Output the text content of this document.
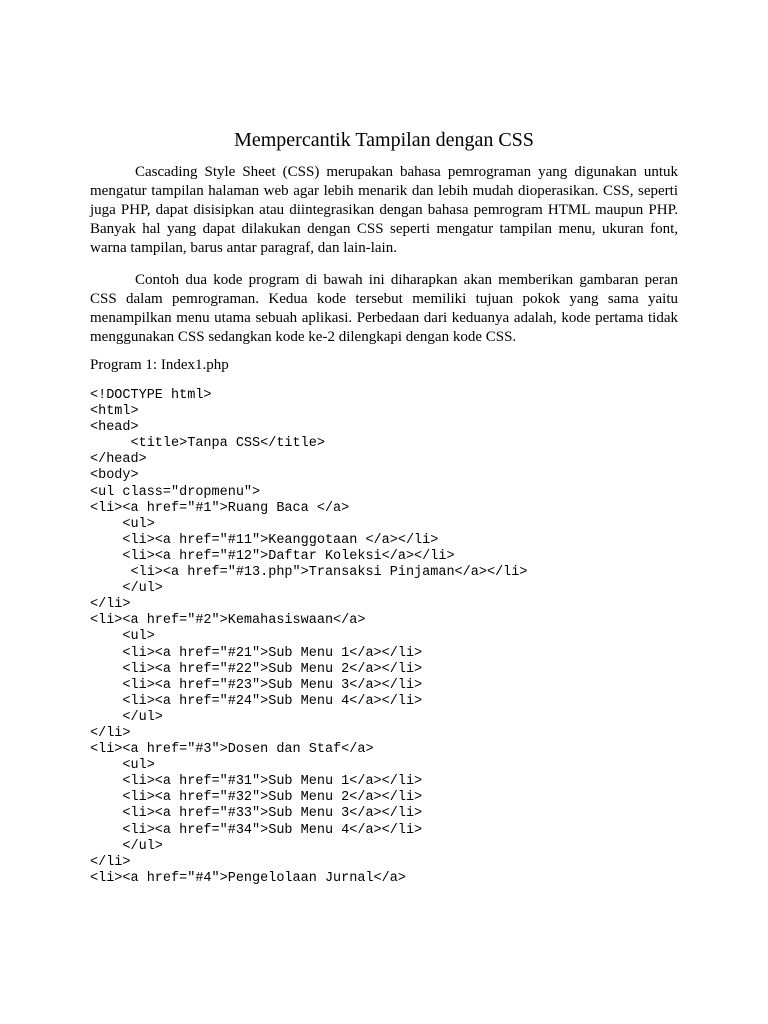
Mempercantik Tampilan dengan CSS

Cascading Style Sheet (CSS) merupakan bahasa pemrograman yang digunakan untuk mengatur tampilan halaman web agar lebih menarik dan lebih mudah dioperasikan. CSS, seperti juga PHP, dapat disisipkan atau diintegrasikan dengan bahasa pemrogram HTML maupun PHP. Banyak hal yang dapat dilakukan dengan CSS seperti mengatur tampilan menu, ukuran font, warna tampilan, barus antar paragraf, dan lain-lain.

Contoh dua kode program di bawah ini diharapkan akan memberikan gambaran peran CSS dalam pemrograman. Kedua kode tersebut memiliki tujuan pokok yang sama yaitu menampilkan menu utama sebuah aplikasi. Perbedaan dari keduanya adalah, kode pertama tidak menggunakan CSS sedangkan kode ke-2 dilengkapi dengan kode CSS.

Program 1: Index1.php

<!DOCTYPE html>
<html>
<head>
<title>Tanpa CSS</title>
</head>
<body>
<ul class="dropmenu">
<li><a href="#1">Ruang Baca </a>
<ul>
<li><a href="#11">Keanggotaan </a></li>
<li><a href="#12">Daftar Koleksi</a></li>
<li><a href="#13.php">Transaksi Pinjaman</a></li>
</ul>
</li>
<li><a href="#2">Kemahasiswaan</a>
<ul>
<li><a href="#21">Sub Menu 1</a></li>
<li><a href="#22">Sub Menu 2</a></li>
<li><a href="#23">Sub Menu 3</a></li>
<li><a href="#24">Sub Menu 4</a></li>
</ul>
</li>
<li><a href="#3">Dosen dan Staf</a>
<ul>
<li><a href="#31">Sub Menu 1</a></li>
<li><a href="#32">Sub Menu 2</a></li>
<li><a href="#33">Sub Menu 3</a></li>
<li><a href="#34">Sub Menu 4</a></li>
</ul>
</li>
<li><a href="#4">Pengelolaan Jurnal</a>
